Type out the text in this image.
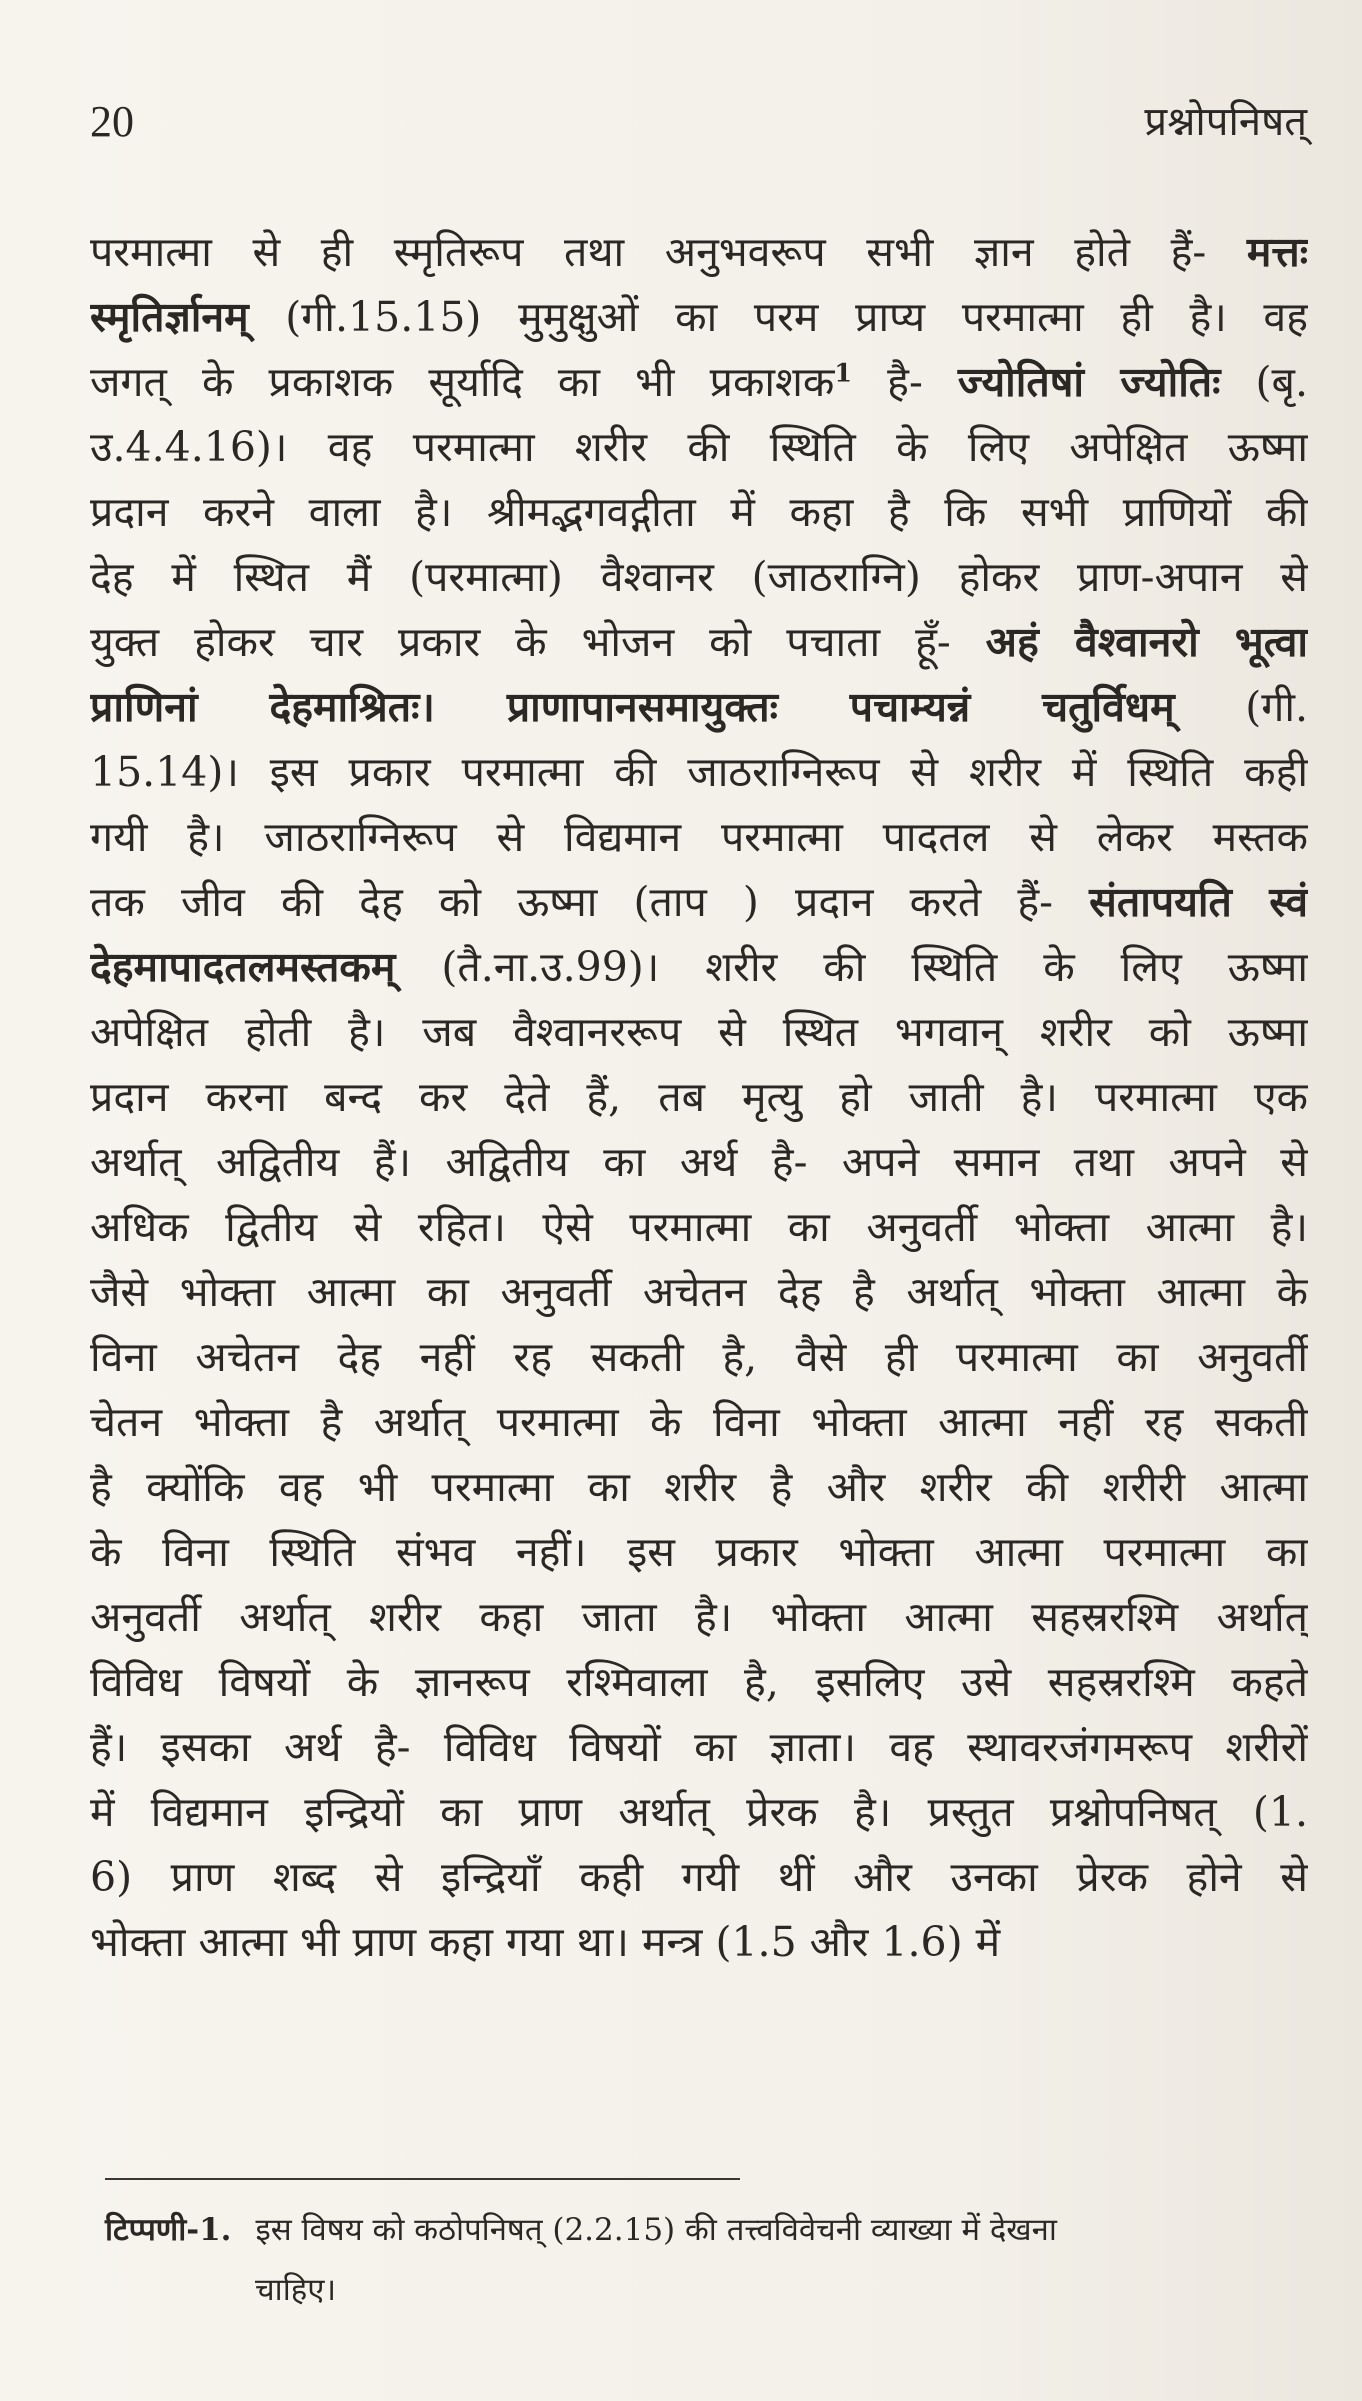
20	प्रश्नोपनिषत्
परमात्मा से ही स्मृतिरूप तथा अनुभवरूप सभी ज्ञान होते हैं- मत्तः
स्मृतिर्ज्ञानम् (गी.15.15) मुमुक्षुओं का परम प्राप्य परमात्मा ही है। वह
जगत् के प्रकाशक सूर्यादि का भी प्रकाशक$^1$ है- ज्योतिषां ज्योतिः (बृ.
उ.4.4.16)। वह परमात्मा शरीर की स्थिति के लिए अपेक्षित ऊष्मा
प्रदान करने वाला है। श्रीमद्भगवद्गीता में कहा है कि सभी प्राणियों की
देह में स्थित मैं (परमात्मा) वैश्वानर (जाठराग्नि) होकर प्राण-अपान से
युक्त होकर चार प्रकार के भोजन को पचाता हूँ- अहं वैश्वानरो भूत्वा
प्राणिनां देहमाश्रितः। प्राणापानसमायुक्तः पचाम्यन्नं चतुर्विधम् (गी.
15.14)। इस प्रकार परमात्मा की जाठराग्निरूप से शरीर में स्थिति कही
गयी है। जाठराग्निरूप से विद्यमान परमात्मा पादतल से लेकर मस्तक
तक जीव की देह को ऊष्मा (ताप ) प्रदान करते हैं- संतापयति स्वं
देहमापादतलमस्तकम् (तै.ना.उ.99)। शरीर की स्थिति के लिए ऊष्मा
अपेक्षित होती है। जब वैश्वानररूप से स्थित भगवान् शरीर को ऊष्मा
प्रदान करना बन्द कर देते हैं, तब मृत्यु हो जाती है। परमात्मा एक
अर्थात् अद्वितीय हैं। अद्वितीय का अर्थ है- अपने समान तथा अपने से
अधिक द्वितीय से रहित। ऐसे परमात्मा का अनुवर्ती भोक्ता आत्मा है।
जैसे भोक्ता आत्मा का अनुवर्ती अचेतन देह है अर्थात् भोक्ता आत्मा के
विना अचेतन देह नहीं रह सकती है, वैसे ही परमात्मा का अनुवर्ती
चेतन भोक्ता है अर्थात् परमात्मा के विना भोक्ता आत्मा नहीं रह सकती
है क्योंकि वह भी परमात्मा का शरीर है और शरीर की शरीरी आत्मा
के विना स्थिति संभव नहीं। इस प्रकार भोक्ता आत्मा परमात्मा का
अनुवर्ती अर्थात् शरीर कहा जाता है। भोक्ता आत्मा सहस्ररश्मि अर्थात्
विविध विषयों के ज्ञानरूप रश्मिवाला है, इसलिए उसे सहस्ररश्मि कहते
हैं। इसका अर्थ है- विविध विषयों का ज्ञाता। वह स्थावरजंगमरूप शरीरों
में विद्यमान इन्द्रियों का प्राण अर्थात् प्रेरक है। प्रस्तुत प्रश्नोपनिषत् (1.
6) प्राण शब्द से इन्द्रियाँ कही गयी थीं और उनका प्रेरक होने से
भोक्ता आत्मा भी प्राण कहा गया था। मन्त्र (1.5 और 1.6) में
टिप्पणी-1. इस विषय को कठोपनिषत् (2.2.15) की तत्त्वविवेचनी व्याख्या में देखना
चाहिए।
